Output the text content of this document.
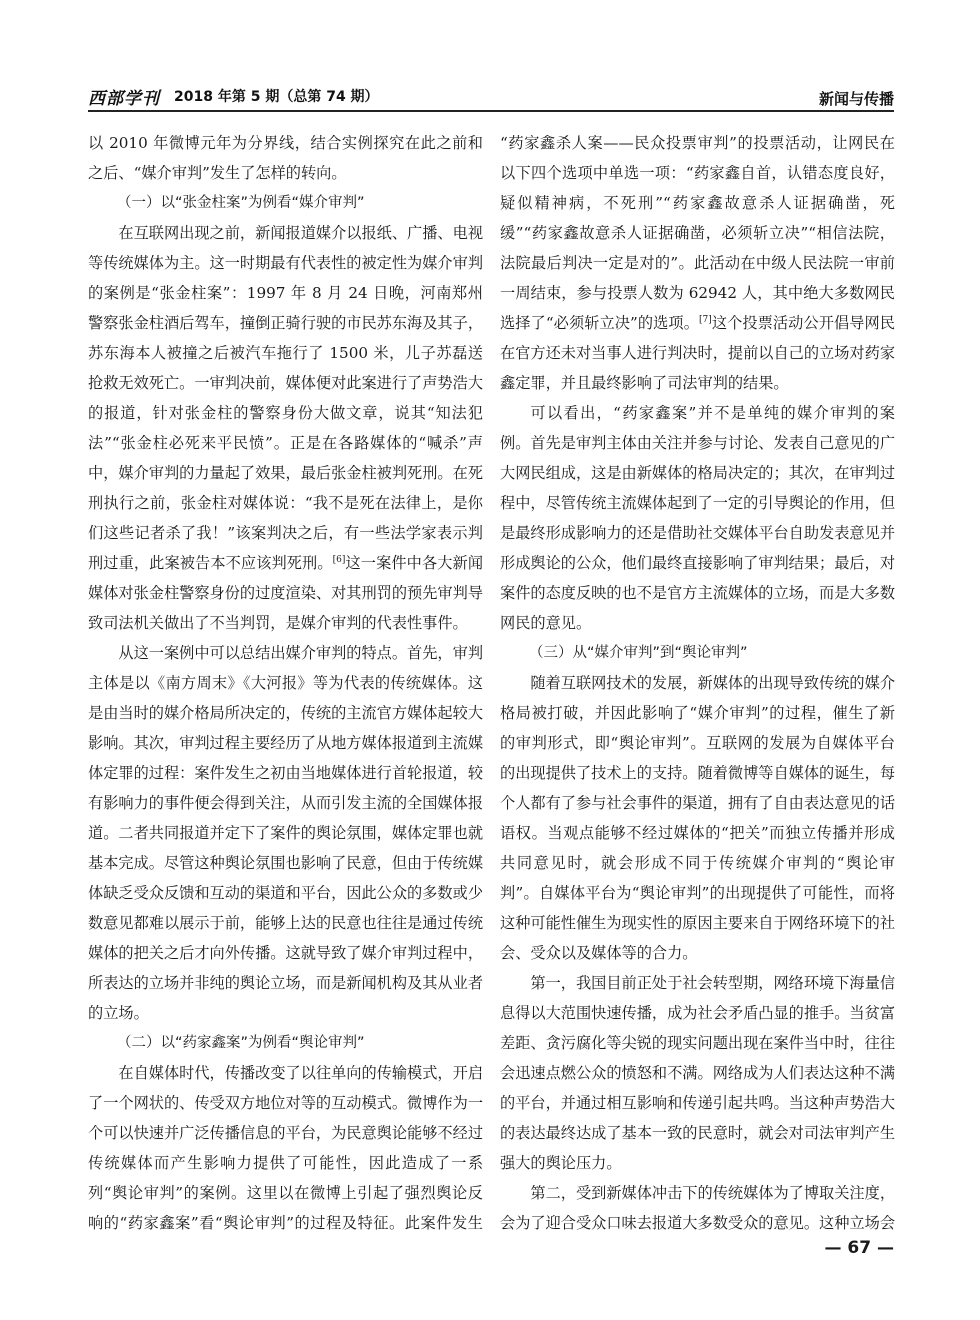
西部学刊 2018 年第 5 期（总第 74 期）	新闻与传播

以 2010 年微博元年为分界线，结合实例探究在此之前和之后、“媒介审判”发生了怎样的转向。

（一）以“张金柱案”为例看“媒介审判”

在互联网出现之前，新闻报道媒介以报纸、广播、电视等传统媒体为主。这一时期最有代表性的被定性为媒介审判的案例是“张金柱案”：1997 年 8 月 24 日晚，河南郑州警察张金柱酒后驾车，撞倒正骑行驶的市民苏东海及其子，苏东海本人被撞之后被汽车拖行了 1500 米，儿子苏磊送抢救无效死亡。一审判决前，媒体便对此案进行了声势浩大的报道，针对张金柱的警察身份大做文章，说其“知法犯法”“张金柱必死来平民愤”。正是在各路媒体的“喊杀”声中，媒介审判的力量起了效果，最后张金柱被判死刑。在死刑执行之前，张金柱对媒体说：“我不是死在法律上，是你们这些记者杀了我！”该案判决之后，有一些法学家表示判刑过重，此案被告本不应该判死刑。[6]这一案件中各大新闻媒体对张金柱警察身份的过度渲染、对其刑罚的预先审判导致司法机关做出了不当判罚，是媒介审判的代表性事件。

从这一案例中可以总结出媒介审判的特点。首先，审判主体是以《南方周末》《大河报》等为代表的传统媒体。这是由当时的媒介格局所决定的，传统的主流官方媒体起较大影响。其次，审判过程主要经历了从地方媒体报道到主流媒体定罪的过程：案件发生之初由当地媒体进行首轮报道，较有影响力的事件便会得到关注，从而引发主流的全国媒体报道。二者共同报道并定下了案件的舆论氛围，媒体定罪也就基本完成。尽管这种舆论氛围也影响了民意，但由于传统媒体缺乏受众反馈和互动的渠道和平台，因此公众的多数或少数意见都难以展示于前，能够上达的民意也往往是通过传统媒体的把关之后才向外传播。这就导致了媒介审判过程中，所表达的立场并非纯的舆论立场，而是新闻机构及其从业者的立场。

（二）以“药家鑫案”为例看“舆论审判”

在自媒体时代，传播改变了以往单向的传输模式，开启了一个网状的、传受双方地位对等的互动模式。微博作为一个可以快速并广泛传播信息的平台，为民意舆论能够不经过传统媒体而产生影响力提供了可能性，因此造成了一系列“舆论审判”的案例。这里以在微博上引起了强烈舆论反响的“药家鑫案”看“舆论审判”的过程及特征。此案件发生

“药家鑫杀人案——民众投票审判”的投票活动，让网民在以下四个选项中单选一项：“药家鑫自首，认错态度良好，疑似精神病，不死刑”“药家鑫故意杀人证据确凿，死缓”“药家鑫故意杀人证据确凿，必须斩立决”“相信法院，法院最后判决一定是对的”。此活动在中级人民法院一审前一周结束，参与投票人数为 62942 人，其中绝大多数网民选择了“必须斩立决”的选项。[7]这个投票活动公开倡导网民在官方还未对当事人进行判决时，提前以自己的立场对药家鑫定罪，并且最终影响了司法审判的结果。

可以看出，“药家鑫案”并不是单纯的媒介审判的案例。首先是审判主体由关注并参与讨论、发表自己意见的广大网民组成，这是由新媒体的格局决定的；其次，在审判过程中，尽管传统主流媒体起到了一定的引导舆论的作用，但是最终形成影响力的还是借助社交媒体平台自助发表意见并形成舆论的公众，他们最终直接影响了审判结果；最后，对案件的态度反映的也不是官方主流媒体的立场，而是大多数网民的意见。

（三）从“媒介审判”到“舆论审判”

随着互联网技术的发展，新媒体的出现导致传统的媒介格局被打破，并因此影响了“媒介审判”的过程，催生了新的审判形式，即“舆论审判”。互联网的发展为自媒体平台的出现提供了技术上的支持。随着微博等自媒体的诞生，每个人都有了参与社会事件的渠道，拥有了自由表达意见的话语权。当观点能够不经过媒体的“把关”而独立传播并形成共同意见时，就会形成不同于传统媒介审判的“舆论审判”。自媒体平台为“舆论审判”的出现提供了可能性，而将这种可能性催生为现实性的原因主要来自于网络环境下的社会、受众以及媒体等的合力。

第一，我国目前正处于社会转型期，网络环境下海量信息得以大范围快速传播，成为社会矛盾凸显的推手。当贫富差距、贪污腐化等尖锐的现实问题出现在案件当中时，往往会迅速点燃公众的愤怒和不满。网络成为人们表达这种不满的平台，并通过相互影响和传递引起共鸣。当这种声势浩大的表达最终达成了基本一致的民意时，就会对司法审判产生强大的舆论压力。

第二，受到新媒体冲击下的传统媒体为了博取关注度，会为了迎合受众口味去报道大多数受众的意见。这种立场会

— 67 —
